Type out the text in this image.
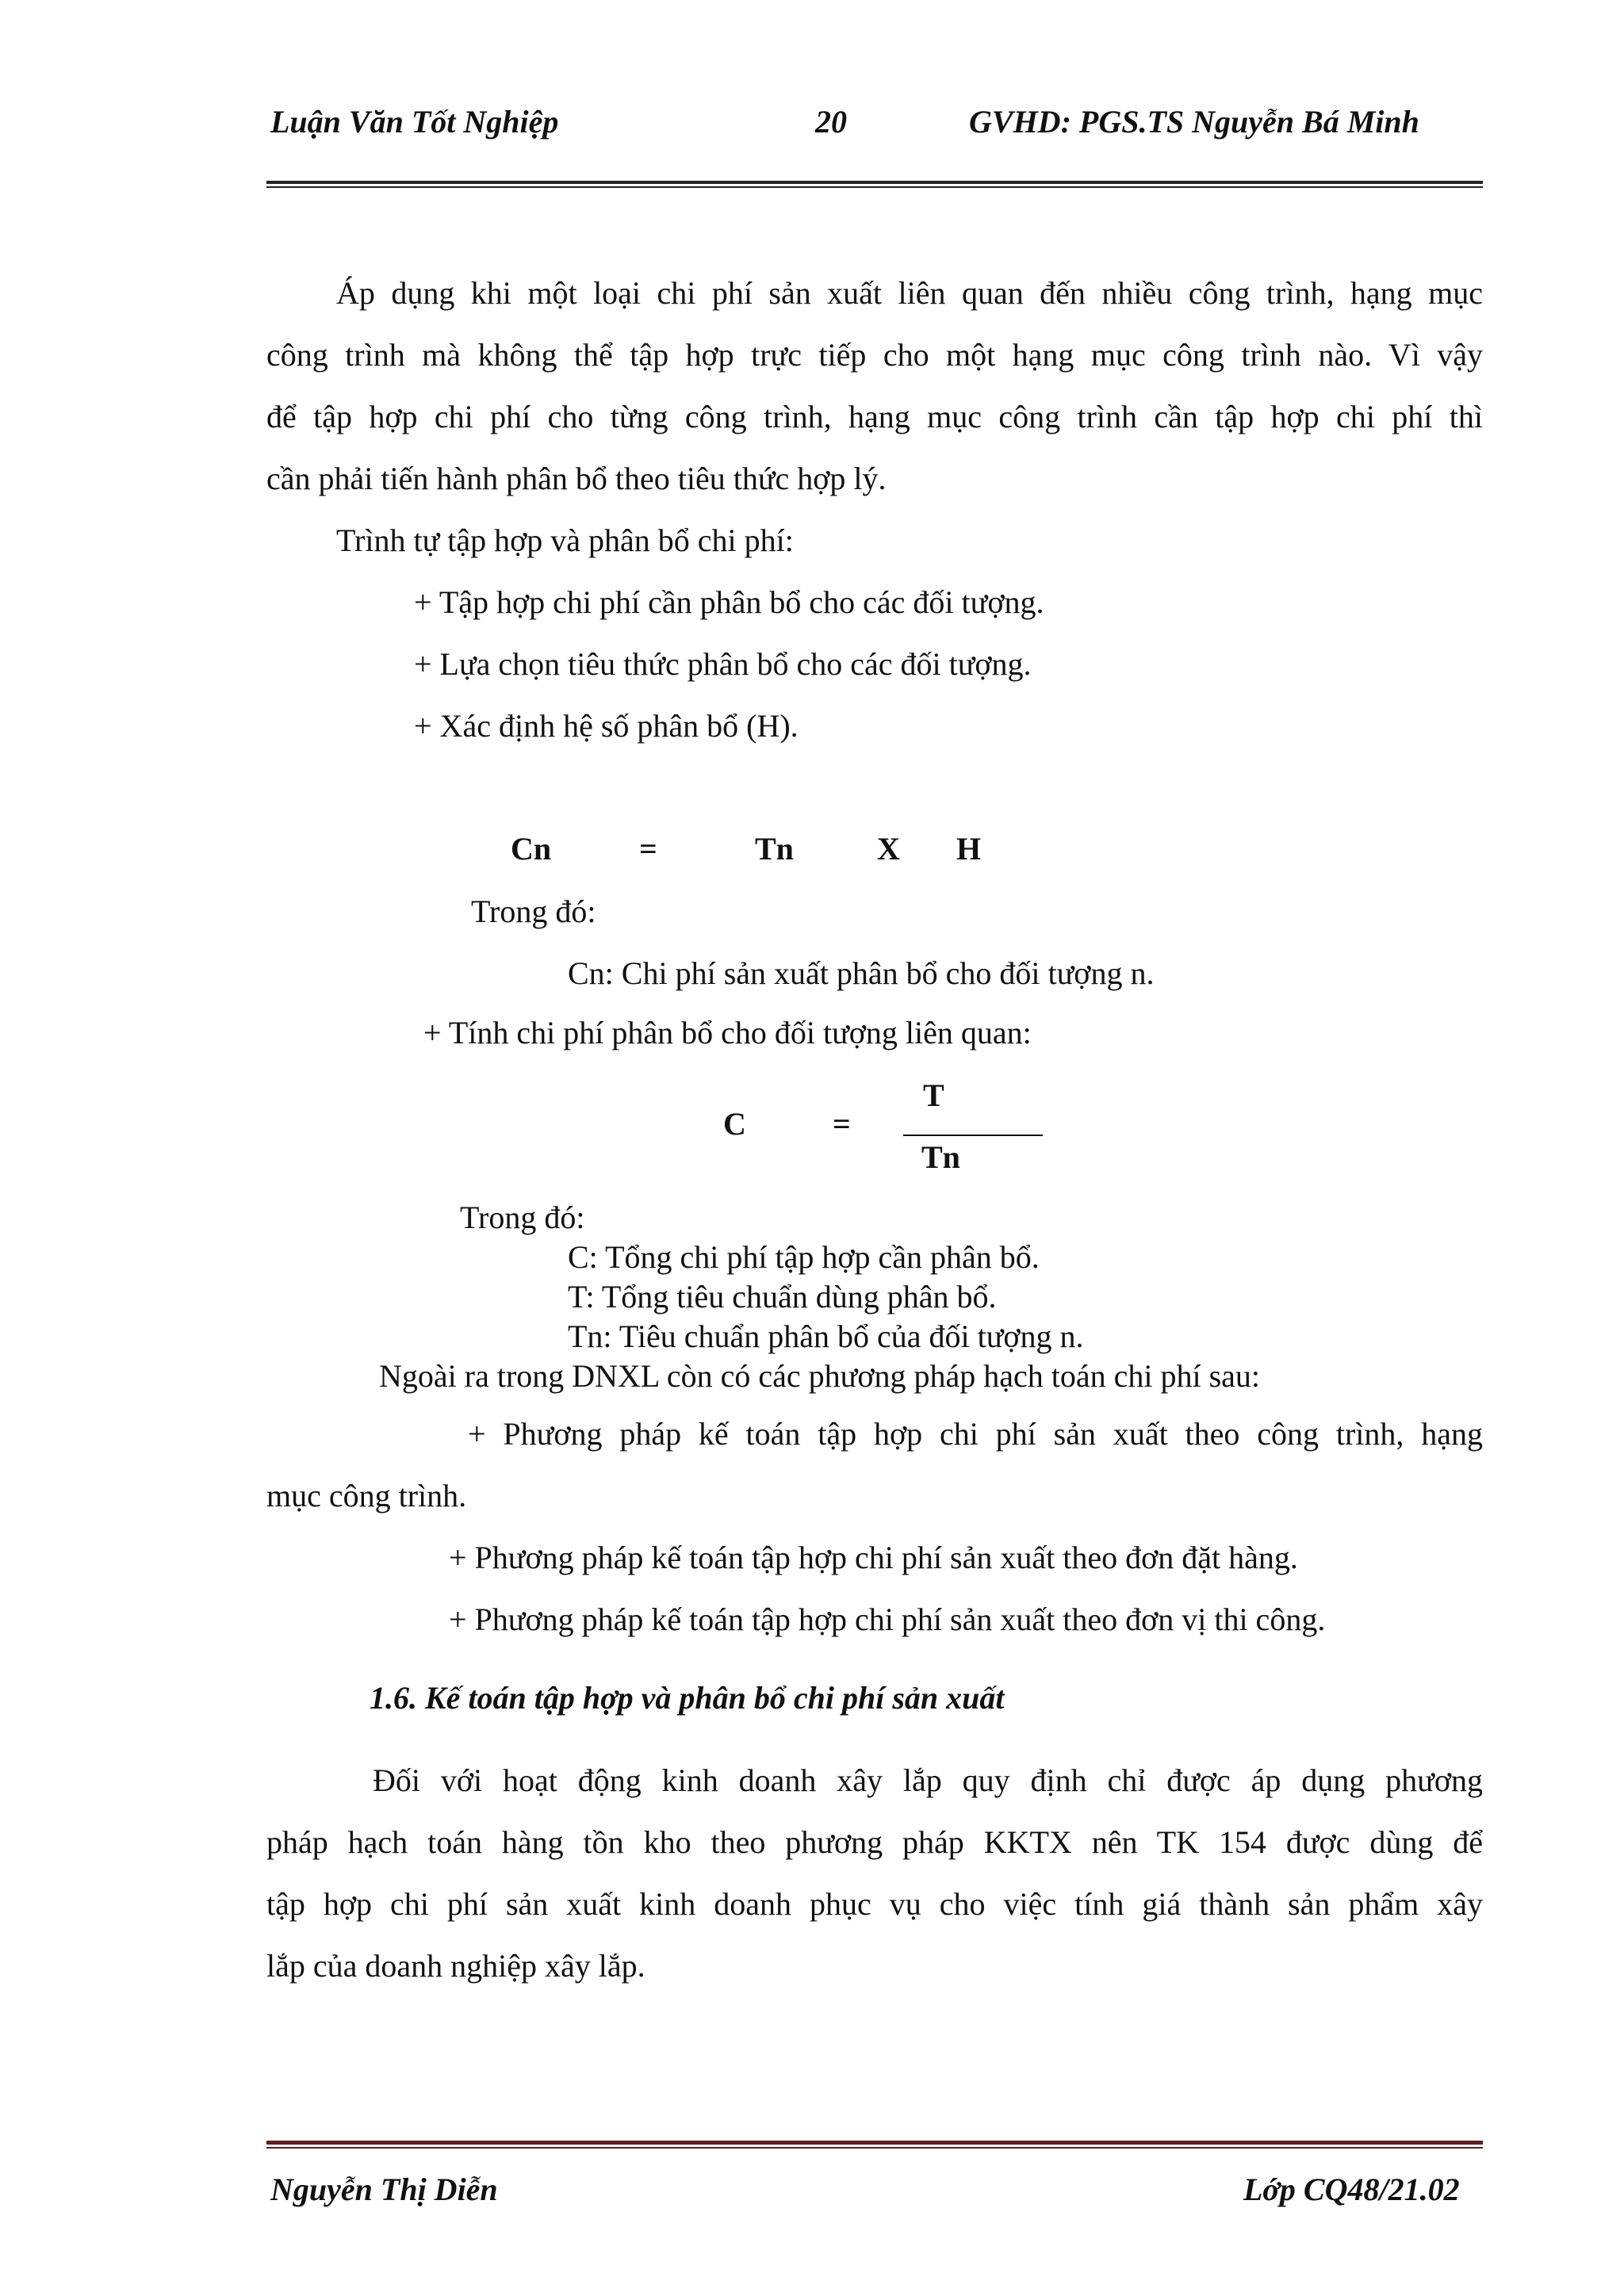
Luận Văn Tốt Nghiệp	20	GVHD: PGS.TS Nguyễn Bá Minh
Áp dụng khi một loại chi phí sản xuất liên quan đến nhiều công trình, hạng mục
công trình mà không thể tập hợp trực tiếp cho một hạng mục công trình nào. Vì vậy
để tập hợp chi phí cho từng công trình, hạng mục công trình cần tập hợp chi phí thì
cần phải tiến hành phân bổ theo tiêu thức hợp lý.
Trình tự tập hợp và phân bổ chi phí:
+ Tập hợp chi phí cần phân bổ cho các đối tượng.
+ Lựa chọn tiêu thức phân bổ cho các đối tượng.
+ Xác định hệ số phân bổ (H).
Cn	=	Tn	X H
Trong đó:
Cn: Chi phí sản xuất phân bổ cho đối tượng n.
+ Tính chi phí phân bổ cho đối tượng liên quan:
T
C	=
Tn
Trong đó:
C: Tổng chi phí tập hợp cần phân bổ.
T: Tổng tiêu chuẩn dùng phân bổ.
Tn: Tiêu chuẩn phân bổ của đối tượng n.
Ngoài ra trong DNXL còn có các phương pháp hạch toán chi phí sau:
+ Phương pháp kế toán tập hợp chi phí sản xuất theo công trình, hạng
mục công trình.
+ Phương pháp kế toán tập hợp chi phí sản xuất theo đơn đặt hàng.
+ Phương pháp kế toán tập hợp chi phí sản xuất theo đơn vị thi công.
1.6. Kế toán tập hợp và phân bổ chi phí sản xuất
Đối với hoạt động kinh doanh xây lắp quy định chỉ được áp dụng phương
pháp hạch toán hàng tồn kho theo phương pháp KKTX nên TK 154 được dùng để
tập hợp chi phí sản xuất kinh doanh phục vụ cho việc tính giá thành sản phẩm xây
lắp của doanh nghiệp xây lắp.
Nguyễn Thị Diễn	Lớp CQ48/21.02
